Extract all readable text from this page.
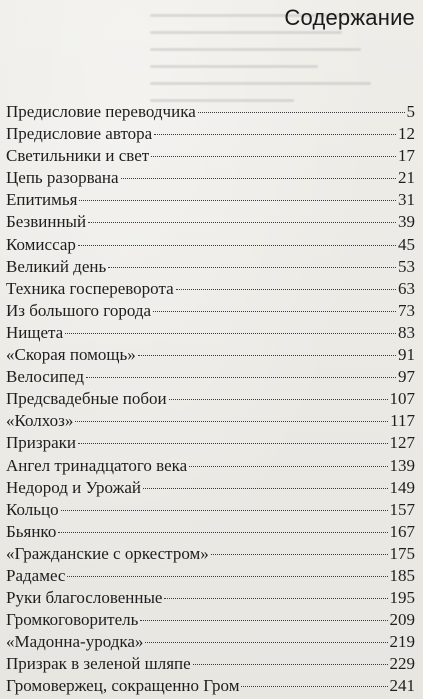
Содержание
Предисловие переводчика	5
Предисловие автора	12
Светильники и свет	17
Цепь разорвана	21
Епитимья	31
Безвинный	39
Комиссар	45
Великий день	53
Техника госпереворота	63
Из большого города	73
Нищета	83
«Скорая помощь»	91
Велосипед	97
Предсвадебные побои	107
«Колхоз»	117
Призраки	127
Ангел тринадцатого века	139
Недород и Урожай	149
Кольцо	157
Бьянко	167
«Гражданские с оркестром»	175
Радамес	185
Руки благословенные	195
Громкоговоритель	209
«Мадонна-уродка»	219
Призрак в зеленой шляпе	229
Громовержец, сокращенно Гром	241
